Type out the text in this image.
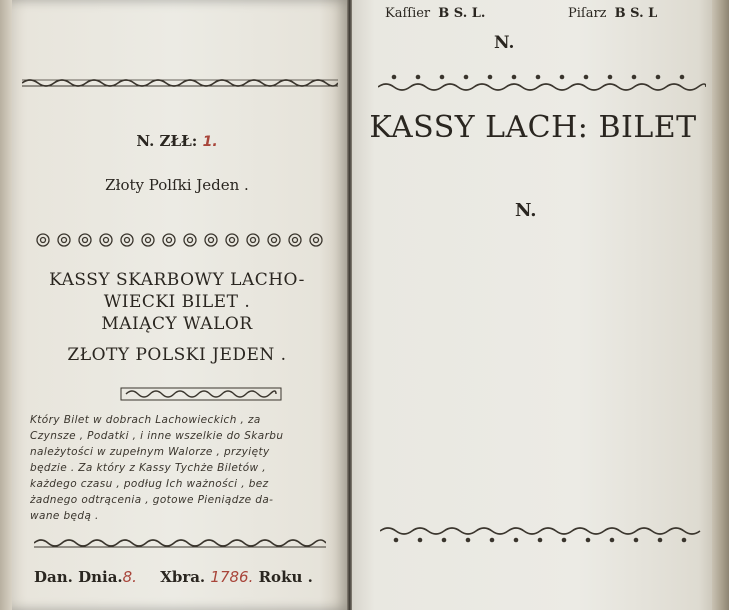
N. ZŁŁ: 1.
Złoty Polſki Jeden .
KASSY SKARBOWY LACHO-
WIECKI BILET .
MAIĄCY WALOR
ZŁOTY POLSKI JEDEN .
Który Bilet w dobrach Lachowieckich , za
Czynsze , Podatki , i inne wszelkie do Skarbu
należytości w zupełnym Walorze , przyięty
będzie . Za który z Kassy Tychże Biletów ,
każdego czasu , podług Ich ważności , bez
żadnego odtrącenia , gotowe Pieniądze da-
wane będą .
Dan. Dnia.8. Xbra. 1786. Roku .
Kaſſier B S. L.	Piſarz B S. L
N.
KASSY LACH: BILET
N.
